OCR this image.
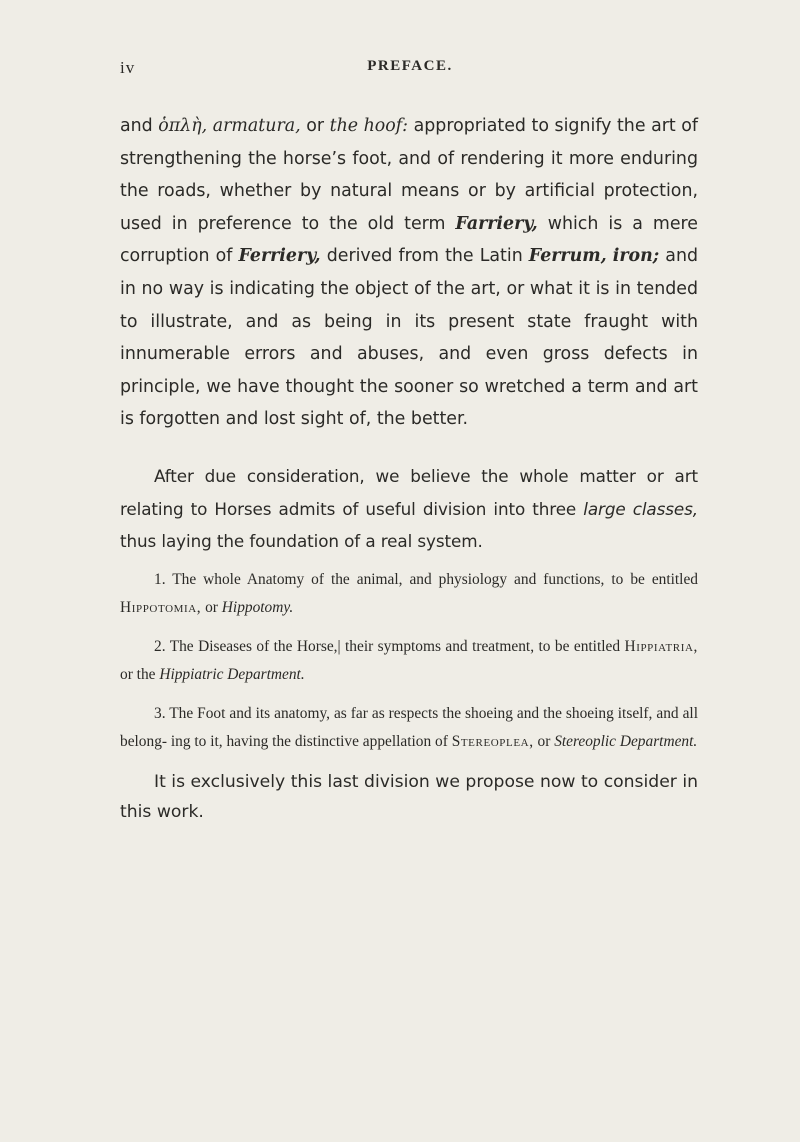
iv	PREFACE.

and ὁπλὴ, armatura, or the hoof: appropriated to signify the art of strengthening the horse’s foot, and of rendering it more enduring the roads, whether by natural means or by artificial protection, used in preference to the old term Farriery, which is a mere corruption of Ferriery, derived from the Latin Ferrum, iron; and in no way is indicating the object of the art, or what it is in tended to illustrate, and as being in its present state fraught with innumerable errors and abuses, and even gross defects in principle, we have thought the sooner so wretched a term and art is forgotten and lost sight of, the better.

After due consideration, we believe the whole matter or art relating to Horses admits of useful division into three large classes, thus laying the foundation of a real system.

1. The whole Anatomy of the animal, and physiology and functions, to be entitled Hippotomia, or Hippotomy.

2. The Diseases of the Horse,| their symptoms and treatment, to be entitled Hippiatria, or the Hippiatric Department.

3. The Foot and its anatomy, as far as respects the shoeing and the shoeing itself, and all belong- ing to it, having the distinctive appellation of Stereoplea, or Stereoplic Department.

It is exclusively this last division we propose now to consider in this work.
